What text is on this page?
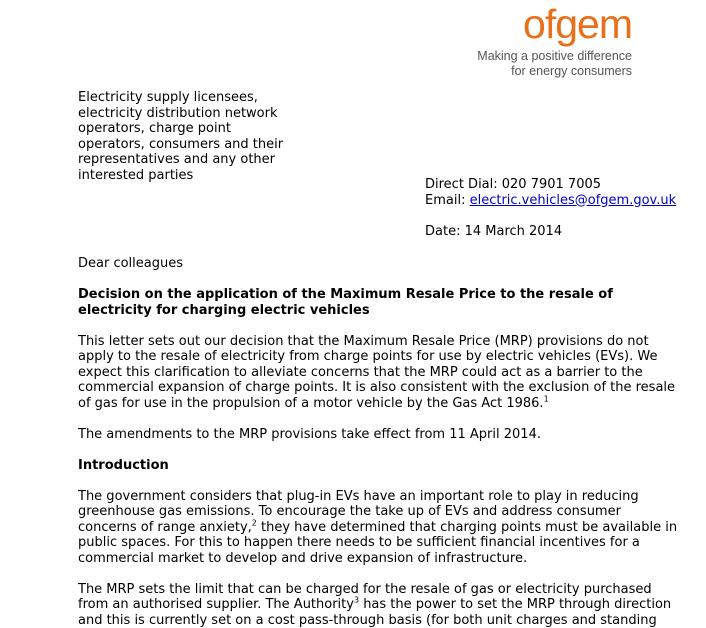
ofgem
Making a positive difference
for energy consumers
Electricity supply licensees,
electricity distribution network
operators, charge point
operators, consumers and their
representatives and any other
interested parties
Direct Dial: 020 7901 7005
Email: electric.vehicles@ofgem.gov.uk
Date: 14 March 2014

Dear colleagues

Decision on the application of the Maximum Resale Price to the resale of
electricity for charging electric vehicles

This letter sets out our decision that the Maximum Resale Price (MRP) provisions do not
apply to the resale of electricity from charge points for use by electric vehicles (EVs). We
expect this clarification to alleviate concerns that the MRP could act as a barrier to the
commercial expansion of charge points. It is also consistent with the exclusion of the resale
of gas for use in the propulsion of a motor vehicle by the Gas Act 1986.$^1$

The amendments to the MRP provisions take effect from 11 April 2014.

Introduction

The government considers that plug-in EVs have an important role to play in reducing
greenhouse gas emissions. To encourage the take up of EVs and address consumer
concerns of range anxiety,$^2$ they have determined that charging points must be available in
public spaces. For this to happen there needs to be sufficient financial incentives for a
commercial market to develop and drive expansion of infrastructure.

The MRP sets the limit that can be charged for the resale of gas or electricity purchased
from an authorised supplier. The Authority$^3$ has the power to set the MRP through direction
and this is currently set on a cost pass-through basis (for both unit charges and standing
